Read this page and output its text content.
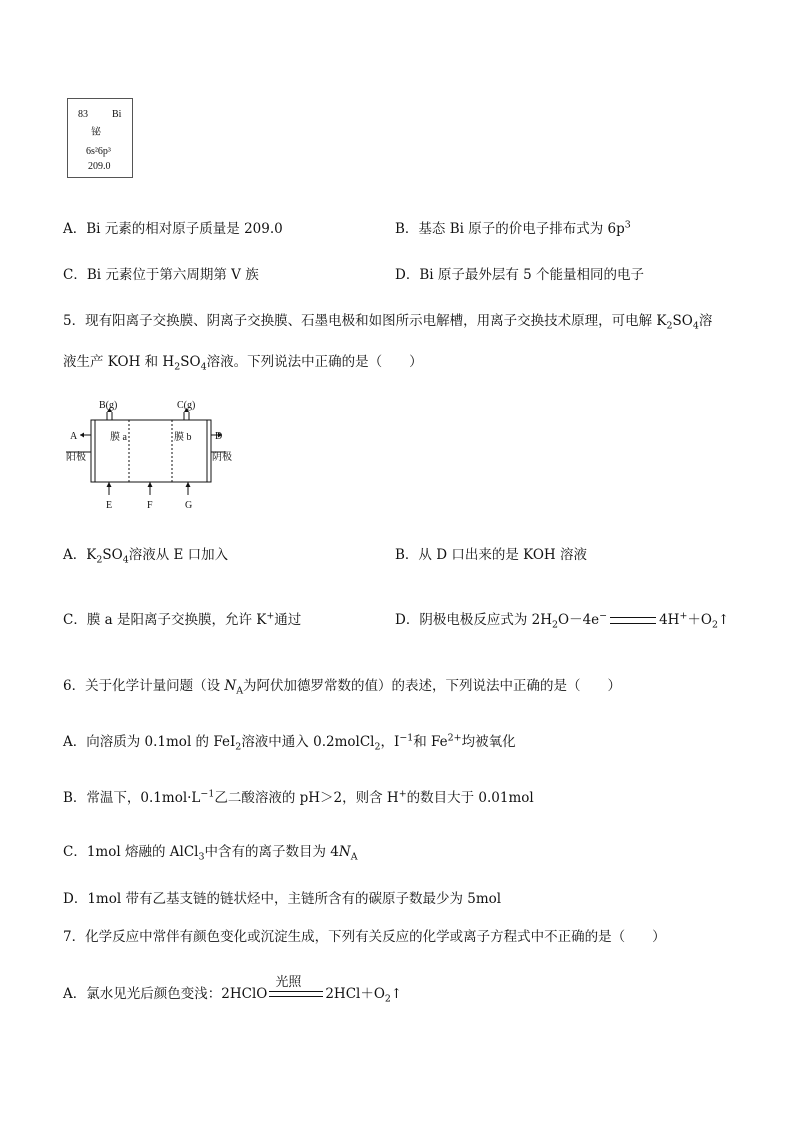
83 Bi
铋
6s²6p³
209.0
A．Bi 元素的相对原子质量是 209.0	B．基态 Bi 原子的价电子排布式为 $6p^3$
C．Bi 元素位于第六周期第 V 族	D．Bi 原子最外层有 5 个能量相同的电子
5．现有阳离子交换膜、阴离子交换膜、石墨电极和如图所示电解槽，用离子交换技术原理，可电解 $K_2SO_4$溶
液生产 KOH 和 $H_2SO_4$溶液。下列说法中正确的是（　　）
B(g)	C(g)
A	D
阳极	阴极
膜 a	膜 b
E	F	G
A．$K_2SO_4$溶液从 E 口加入	B．从 D 口出来的是 KOH 溶液
C．膜 a 是阳离子交换膜，允许 K+通过	D．阴极电极反应式为 $2H_2O-4e^-$	$4H^++O_2↑$
6．关于化学计量问题（设 $N_A$为阿伏加德罗常数的值）的表述，下列说法中正确的是（　　）
A．向溶质为 0.1mol 的 FeI$_2$溶液中通入 0.2molCl$_2$，$I^{-1}$和 $Fe^{2+}$均被氧化
B．常温下，$0.1mol\cdot L^{-1}$乙二酸溶液的 pH＞2，则含 H+的数目大于 0.01mol
C．1mol 熔融的 AlCl$_3$中含有的离子数目为 $4N_A$
D．1mol 带有乙基支链的链状烃中，主链所含有的碳原子数最少为 5mol
7．化学反应中常伴有颜色变化或沉淀生成，下列有关反应的化学或离子方程式中不正确的是（　　）
A．氯水见光后颜色变浅：2HClO
光照
$2HCl+O_2↑$
